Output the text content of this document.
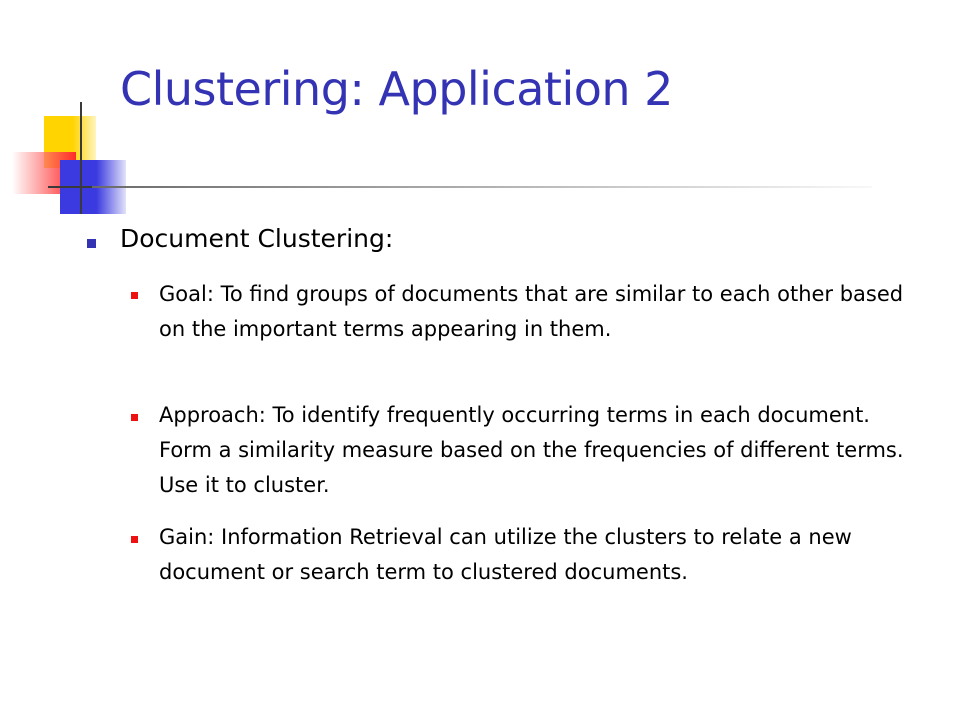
Clustering: Application 2
Document Clustering:
Goal: To find groups of documents that are similar to each other based on the important terms appearing in them.
Approach: To identify frequently occurring terms in each document. Form a similarity measure based on the frequencies of different terms. Use it to cluster.
Gain: Information Retrieval can utilize the clusters to relate a new document or search term to clustered documents.
